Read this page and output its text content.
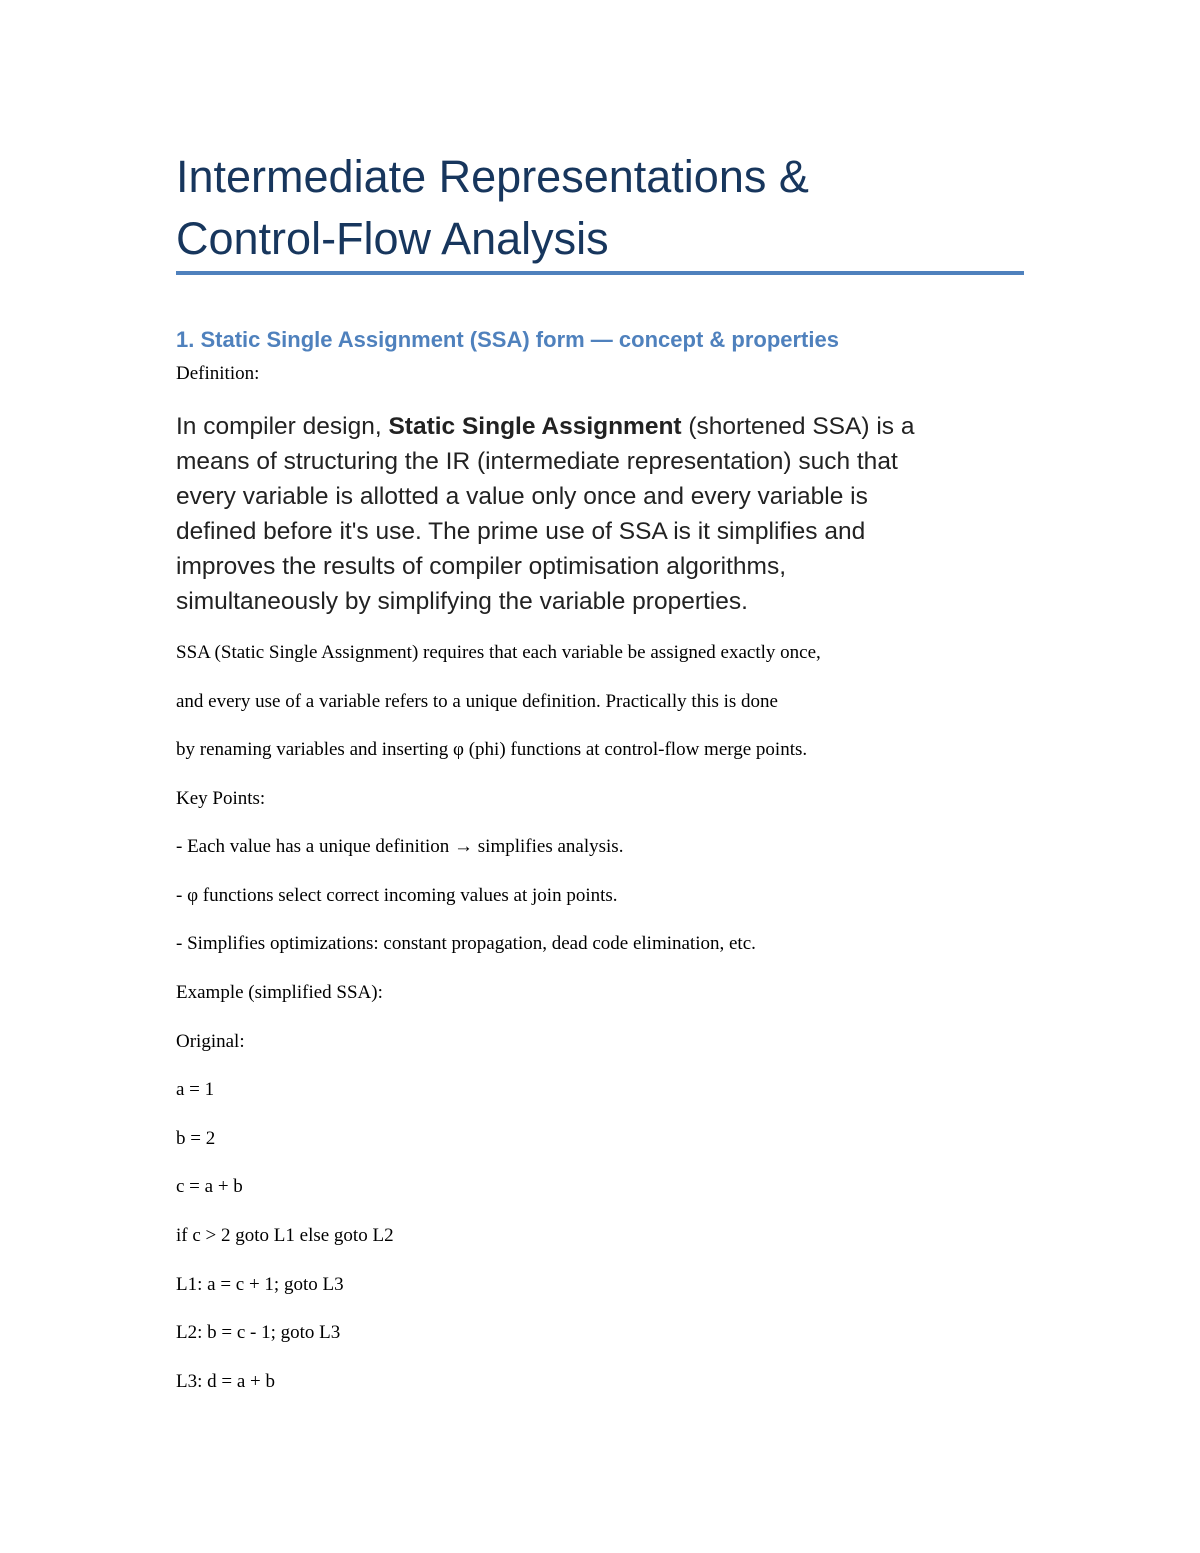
Intermediate Representations &
Control-Flow Analysis
1. Static Single Assignment (SSA) form — concept & properties

Definition:

In compiler design, Static Single Assignment (shortened SSA) is a
means of structuring the IR (intermediate representation) such that
every variable is allotted a value only once and every variable is
defined before it's use. The prime use of SSA is it simplifies and
improves the results of compiler optimisation algorithms,
simultaneously by simplifying the variable properties.

SSA (Static Single Assignment) requires that each variable be assigned exactly once,

and every use of a variable refers to a unique definition. Practically this is done

by renaming variables and inserting φ (phi) functions at control-flow merge points.

Key Points:

- Each value has a unique definition → simplifies analysis.

- φ functions select correct incoming values at join points.

- Simplifies optimizations: constant propagation, dead code elimination, etc.

Example (simplified SSA):

Original:

a = 1

b = 2

c = a + b

if c > 2 goto L1 else goto L2

L1: a = c + 1; goto L3

L2: b = c - 1; goto L3

L3: d = a + b
